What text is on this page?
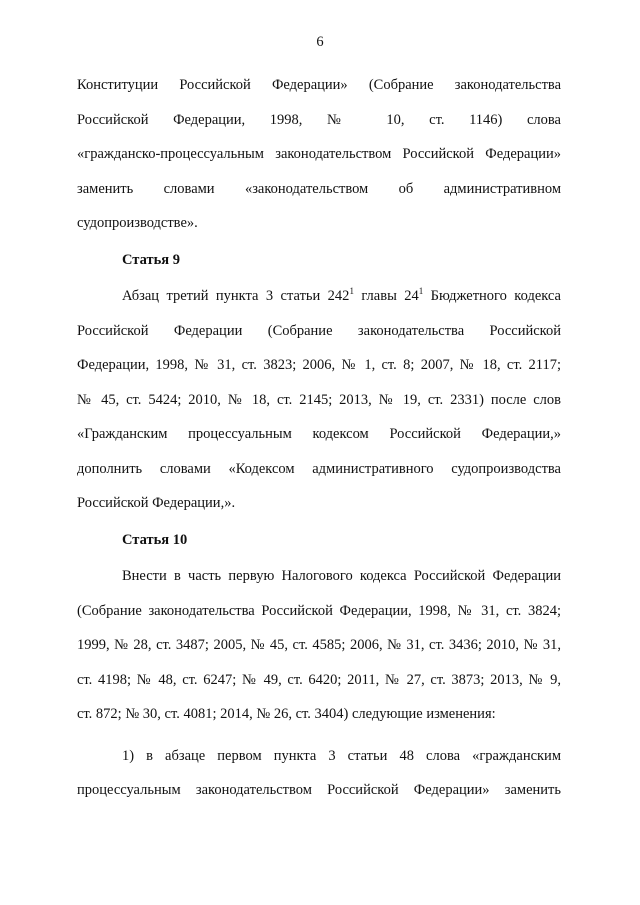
6

Конституции Российской Федерации» (Собрание законодательства
Российской Федерации, 1998, № 10, ст. 1146) слова
«гражданско-процессуальным законодательством Российской Федерации»
заменить словами «законодательством об административном
судопроизводстве».

Статья 9

Абзац третий пункта 3 статьи $242^1$ главы $24^1$ Бюджетного кодекса
Российской Федерации (Собрание законодательства Российской
Федерации, 1998, № 31, ст. 3823; 2006, № 1, ст. 8; 2007, № 18, ст. 2117;
№ 45, ст. 5424; 2010, № 18, ст. 2145; 2013, № 19, ст. 2331) после слов
«Гражданским процессуальным кодексом Российской Федерации,»
дополнить словами «Кодексом административного судопроизводства
Российской Федерации,».

Статья 10

Внести в часть первую Налогового кодекса Российской Федерации
(Собрание законодательства Российской Федерации, 1998, № 31, ст. 3824;
1999, № 28, ст. 3487; 2005, № 45, ст. 4585; 2006, № 31, ст. 3436; 2010, № 31,
ст. 4198; № 48, ст. 6247; № 49, ст. 6420; 2011, № 27, ст. 3873; 2013, № 9,
ст. 872; № 30, ст. 4081; 2014, № 26, ст. 3404) следующие изменения:

1) в абзаце первом пункта 3 статьи 48 слова «гражданским
процессуальным законодательством Российской Федерации» заменить
